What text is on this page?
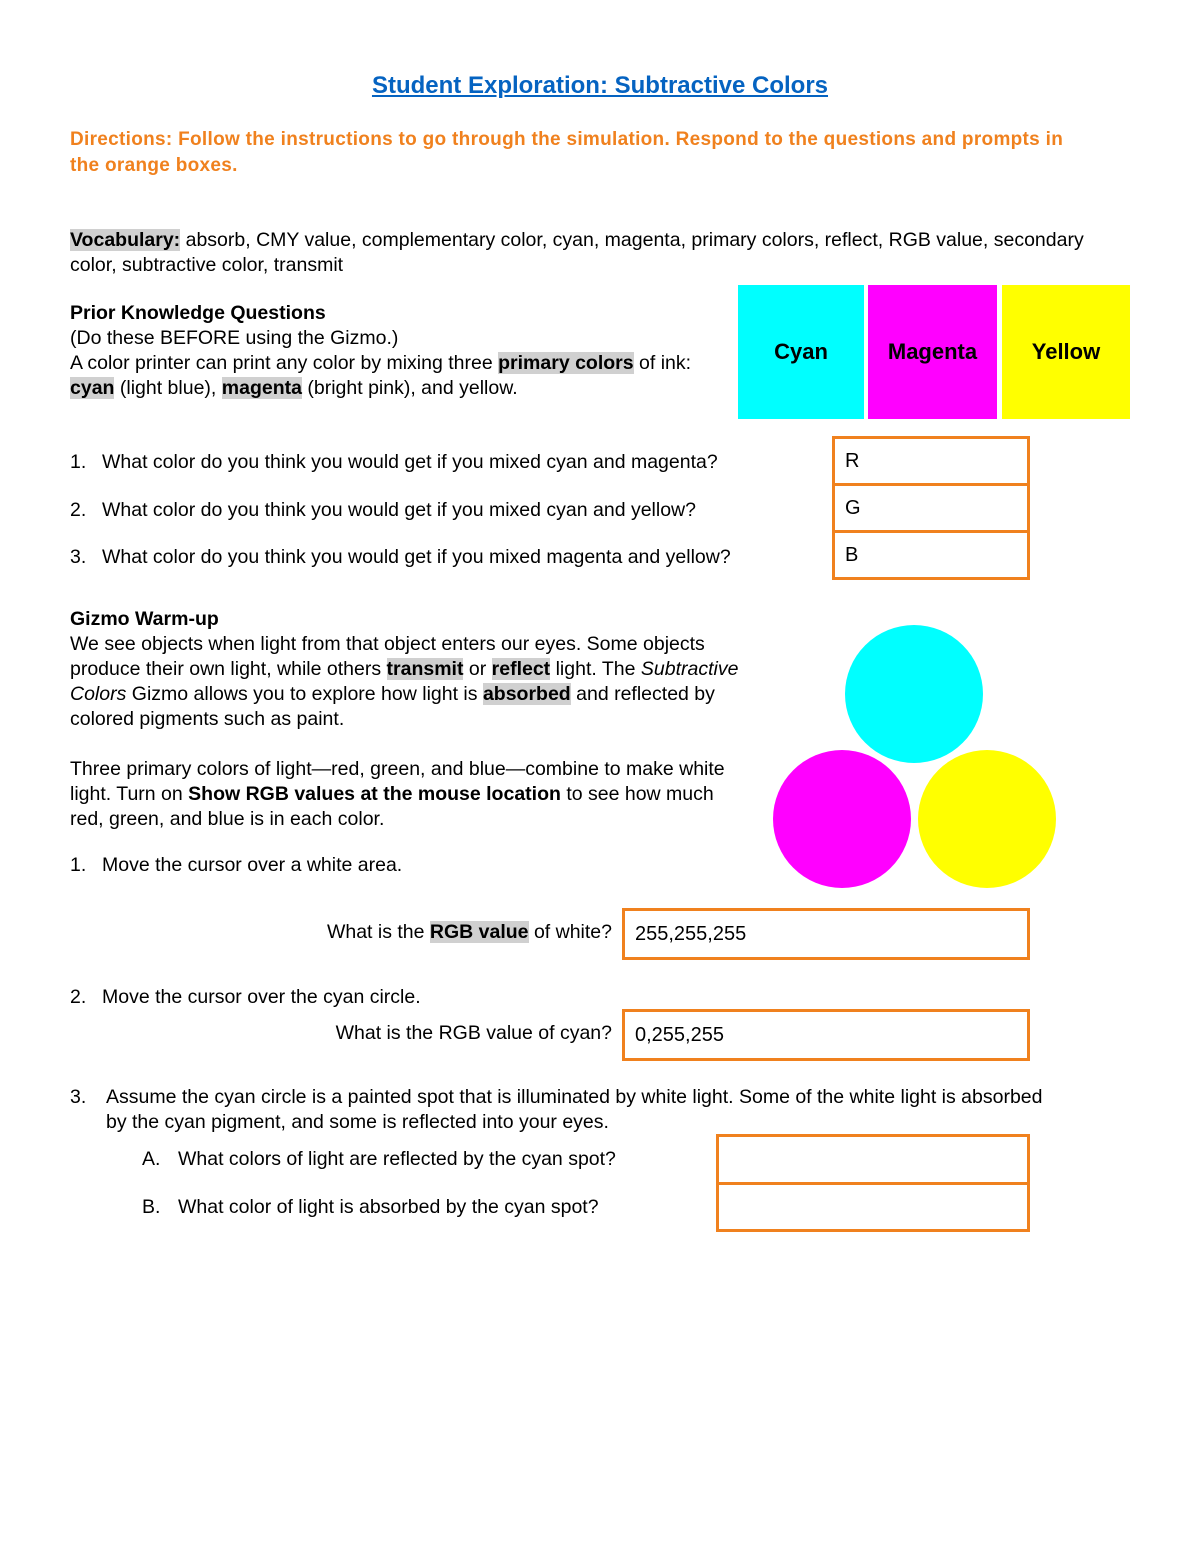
Student Exploration: Subtractive Colors
Directions: Follow the instructions to go through the simulation. Respond to the questions and prompts in the orange boxes.
Vocabulary: absorb, CMY value, complementary color, cyan, magenta, primary colors, reflect, RGB value, secondary color, subtractive color, transmit
Prior Knowledge Questions
(Do these BEFORE using the Gizmo.)
A color printer can print any color by mixing three primary colors of ink: cyan (light blue), magenta (bright pink), and yellow.
Cyan	Magenta	Yellow
1. What color do you think you would get if you mixed cyan and magenta?
2. What color do you think you would get if you mixed cyan and yellow?
3. What color do you think you would get if you mixed magenta and yellow?
R
G
B
Gizmo Warm-up
We see objects when light from that object enters our eyes. Some objects produce their own light, while others transmit or reflect light. The Subtractive Colors Gizmo allows you to explore how light is absorbed and reflected by colored pigments such as paint.
Three primary colors of light—red, green, and blue—combine to make white light. Turn on Show RGB values at the mouse location to see how much red, green, and blue is in each color.
1. Move the cursor over a white area.
What is the RGB value of white?	255,255,255
2. Move the cursor over the cyan circle.
What is the RGB value of cyan?	0,255,255
3.	Assume the cyan circle is a painted spot that is illuminated by white light. Some of the white light is absorbed by the cyan pigment, and some is reflected into your eyes.
A. What colors of light are reflected by the cyan spot?
B. What color of light is absorbed by the cyan spot?
